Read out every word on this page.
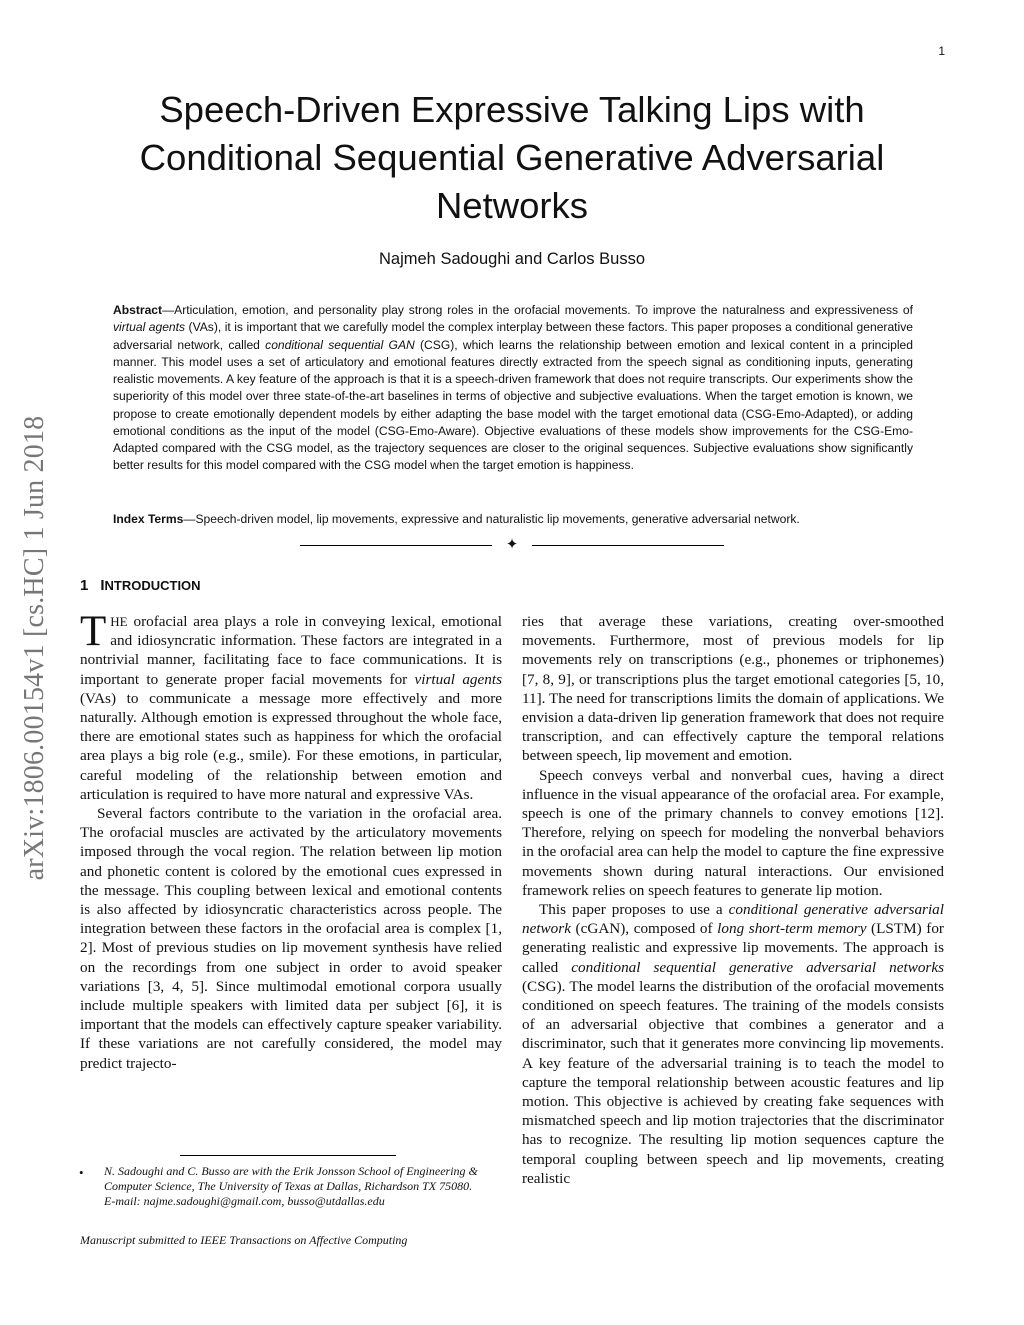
1
arXiv:1806.00154v1 [cs.HC] 1 Jun 2018
Speech-Driven Expressive Talking Lips with Conditional Sequential Generative Adversarial Networks
Najmeh Sadoughi and Carlos Busso
Abstract—Articulation, emotion, and personality play strong roles in the orofacial movements. To improve the naturalness and expressiveness of virtual agents (VAs), it is important that we carefully model the complex interplay between these factors. This paper proposes a conditional generative adversarial network, called conditional sequential GAN (CSG), which learns the relationship between emotion and lexical content in a principled manner. This model uses a set of articulatory and emotional features directly extracted from the speech signal as conditioning inputs, generating realistic movements. A key feature of the approach is that it is a speech-driven framework that does not require transcripts. Our experiments show the superiority of this model over three state-of-the-art baselines in terms of objective and subjective evaluations. When the target emotion is known, we propose to create emotionally dependent models by either adapting the base model with the target emotional data (CSG-Emo-Adapted), or adding emotional conditions as the input of the model (CSG-Emo-Aware). Objective evaluations of these models show improvements for the CSG-Emo-Adapted compared with the CSG model, as the trajectory sequences are closer to the original sequences. Subjective evaluations show significantly better results for this model compared with the CSG model when the target emotion is happiness.
Index Terms—Speech-driven model, lip movements, expressive and naturalistic lip movements, generative adversarial network.
✦
1 INTRODUCTION

THE orofacial area plays a role in conveying lexical, emotional and idiosyncratic information. These factors are integrated in a nontrivial manner, facilitating face to face communications. It is important to generate proper facial movements for virtual agents (VAs) to communicate a message more effectively and more naturally. Although emotion is expressed throughout the whole face, there are emotional states such as happiness for which the orofacial area plays a big role (e.g., smile). For these emotions, in particular, careful modeling of the relationship between emotion and articulation is required to have more natural and expressive VAs.

Several factors contribute to the variation in the orofacial area. The orofacial muscles are activated by the articulatory movements imposed through the vocal region. The relation between lip motion and phonetic content is colored by the emotional cues expressed in the message. This coupling between lexical and emotional contents is also affected by idiosyncratic characteristics across people. The integration between these factors in the orofacial area is complex [1, 2]. Most of previous studies on lip movement synthesis have relied on the recordings from one subject in order to avoid speaker variations [3, 4, 5]. Since multimodal emotional corpora usually include multiple speakers with limited data per subject [6], it is important that the models can effectively capture speaker variability. If these variations are not carefully considered, the model may predict trajecto-

ries that average these variations, creating over-smoothed movements. Furthermore, most of previous models for lip movements rely on transcriptions (e.g., phonemes or triphonemes) [7, 8, 9], or transcriptions plus the target emotional categories [5, 10, 11]. The need for transcriptions limits the domain of applications. We envision a data-driven lip generation framework that does not require transcription, and can effectively capture the temporal relations between speech, lip movement and emotion.

Speech conveys verbal and nonverbal cues, having a direct influence in the visual appearance of the orofacial area. For example, speech is one of the primary channels to convey emotions [12]. Therefore, relying on speech for modeling the nonverbal behaviors in the orofacial area can help the model to capture the fine expressive movements shown during natural interactions. Our envisioned framework relies on speech features to generate lip motion.

This paper proposes to use a conditional generative adversarial network (cGAN), composed of long short-term memory (LSTM) for generating realistic and expressive lip movements. The approach is called conditional sequential generative adversarial networks (CSG). The model learns the distribution of the orofacial movements conditioned on speech features. The training of the models consists of an adversarial objective that combines a generator and a discriminator, such that it generates more convincing lip movements. A key feature of the adversarial training is to teach the model to capture the temporal relationship between acoustic features and lip motion. This objective is achieved by creating fake sequences with mismatched speech and lip motion trajectories that the discriminator has to recognize. The resulting lip motion sequences capture the temporal coupling between speech and lip movements, creating realistic

• N. Sadoughi and C. Busso are with the Erik Jonsson School of Engineering & Computer Science, The University of Texas at Dallas, Richardson TX 75080.
E-mail: najme.sadoughi@gmail.com, busso@utdallas.edu
Manuscript submitted to IEEE Transactions on Affective Computing
